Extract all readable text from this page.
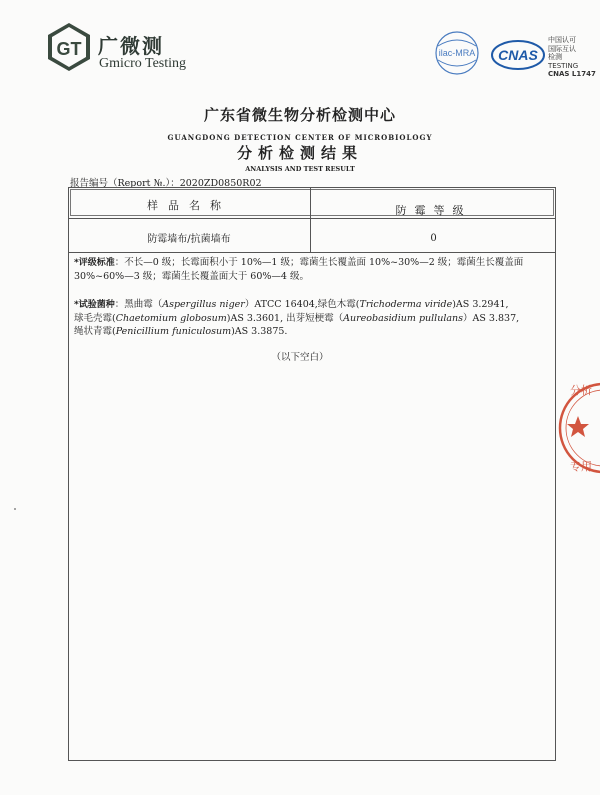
GT 广微测
Gmicro Testing
ilac-MRA CNAS
中国认可
国际互认
检测
TESTING
CNAS L1747
广东省微生物分析检测中心
GUANGDONG DETECTION CENTER OF MICROBIOLOGY
分析检测结果
ANALYSIS AND TEST RESULT
报告编号（Report №.）：2020ZD0850R02
样品名称	防霉等级
防霉墙布/抗菌墙布	0
*评级标准：不长—0 级；长霉面积小于 10%—1 级；霉菌生长覆盖面 10%~30%—2 级；霉菌生长覆盖面 30%~60%—3 级；霉菌生长覆盖面大于 60%—4 级。
*试验菌种：黑曲霉（Aspergillus niger）ATCC 16404,绿色木霉(Trichoderma viride)AS 3.2941,
球毛壳霉(Chaetomium globosum)AS 3.3601, 出芽短梗霉（Aureobasidium pullulans）AS 3.837,
绳状青霉(Penicillium funiculosum)AS 3.3875.
（以下空白）
分析
专用
